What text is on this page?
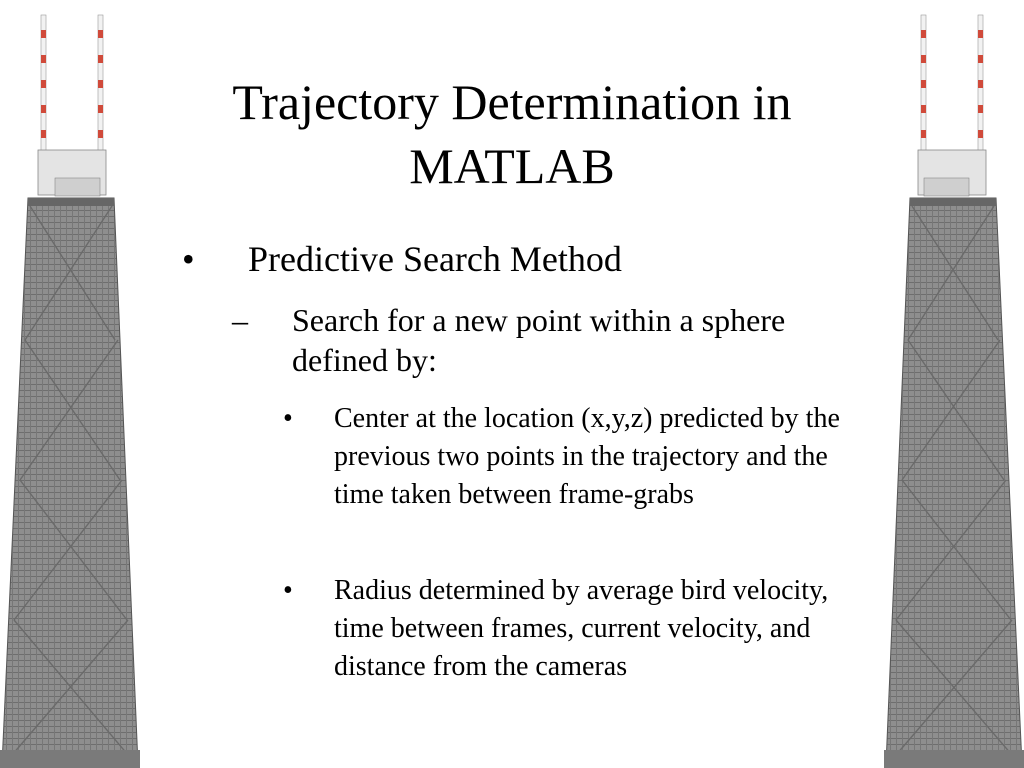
Trajectory Determination in MATLAB
• Predictive Search Method

– Search for a new point within a sphere defined by:

• Center at the location (x,y,z) predicted by the previous two points in the trajectory and the time taken between frame-grabs

• Radius determined by average bird velocity, time between frames, current velocity, and distance from the cameras
